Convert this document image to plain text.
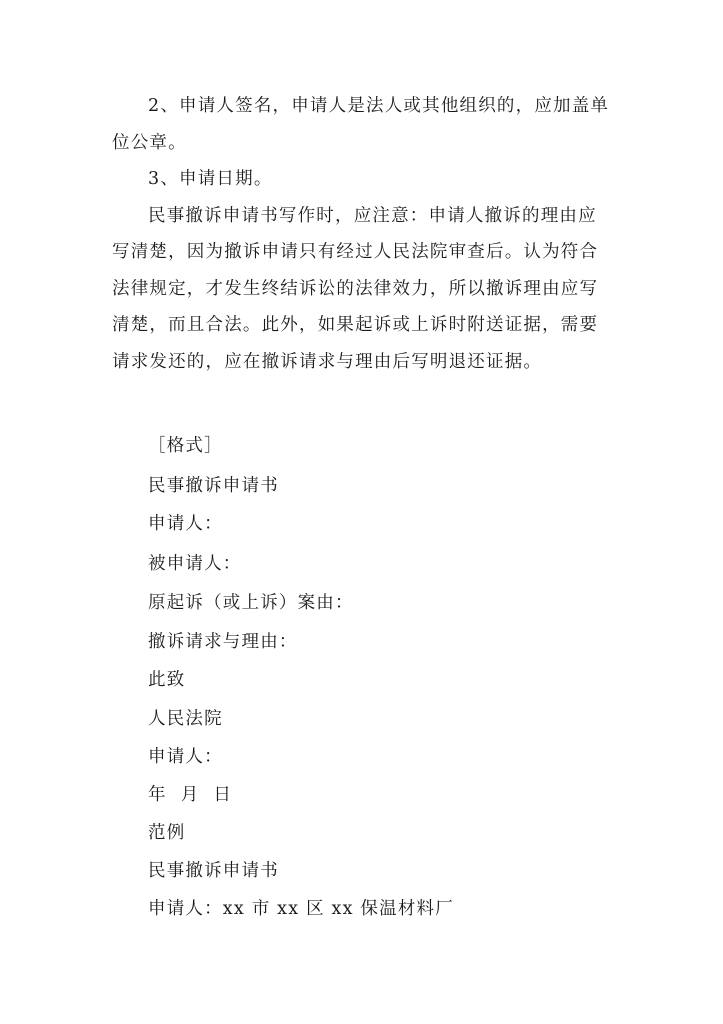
2、申请人签名，申请人是法人或其他组织的，应加盖单位公章。

3、申请日期。

民事撤诉申请书写作时，应注意：申请人撤诉的理由应写清楚，因为撤诉申请只有经过人民法院审查后。认为符合法律规定，才发生终结诉讼的法律效力，所以撤诉理由应写清楚，而且合法。此外，如果起诉或上诉时附送证据，需要请求发还的，应在撤诉请求与理由后写明退还证据。

［格式］
民事撤诉申请书
申请人：
被申请人：
原起诉（或上诉）案由：
撤诉请求与理由：
此致
人民法院
申请人：
年 月 日
范例
民事撤诉申请书
申请人：xx 市 xx 区 xx 保温材料厂
